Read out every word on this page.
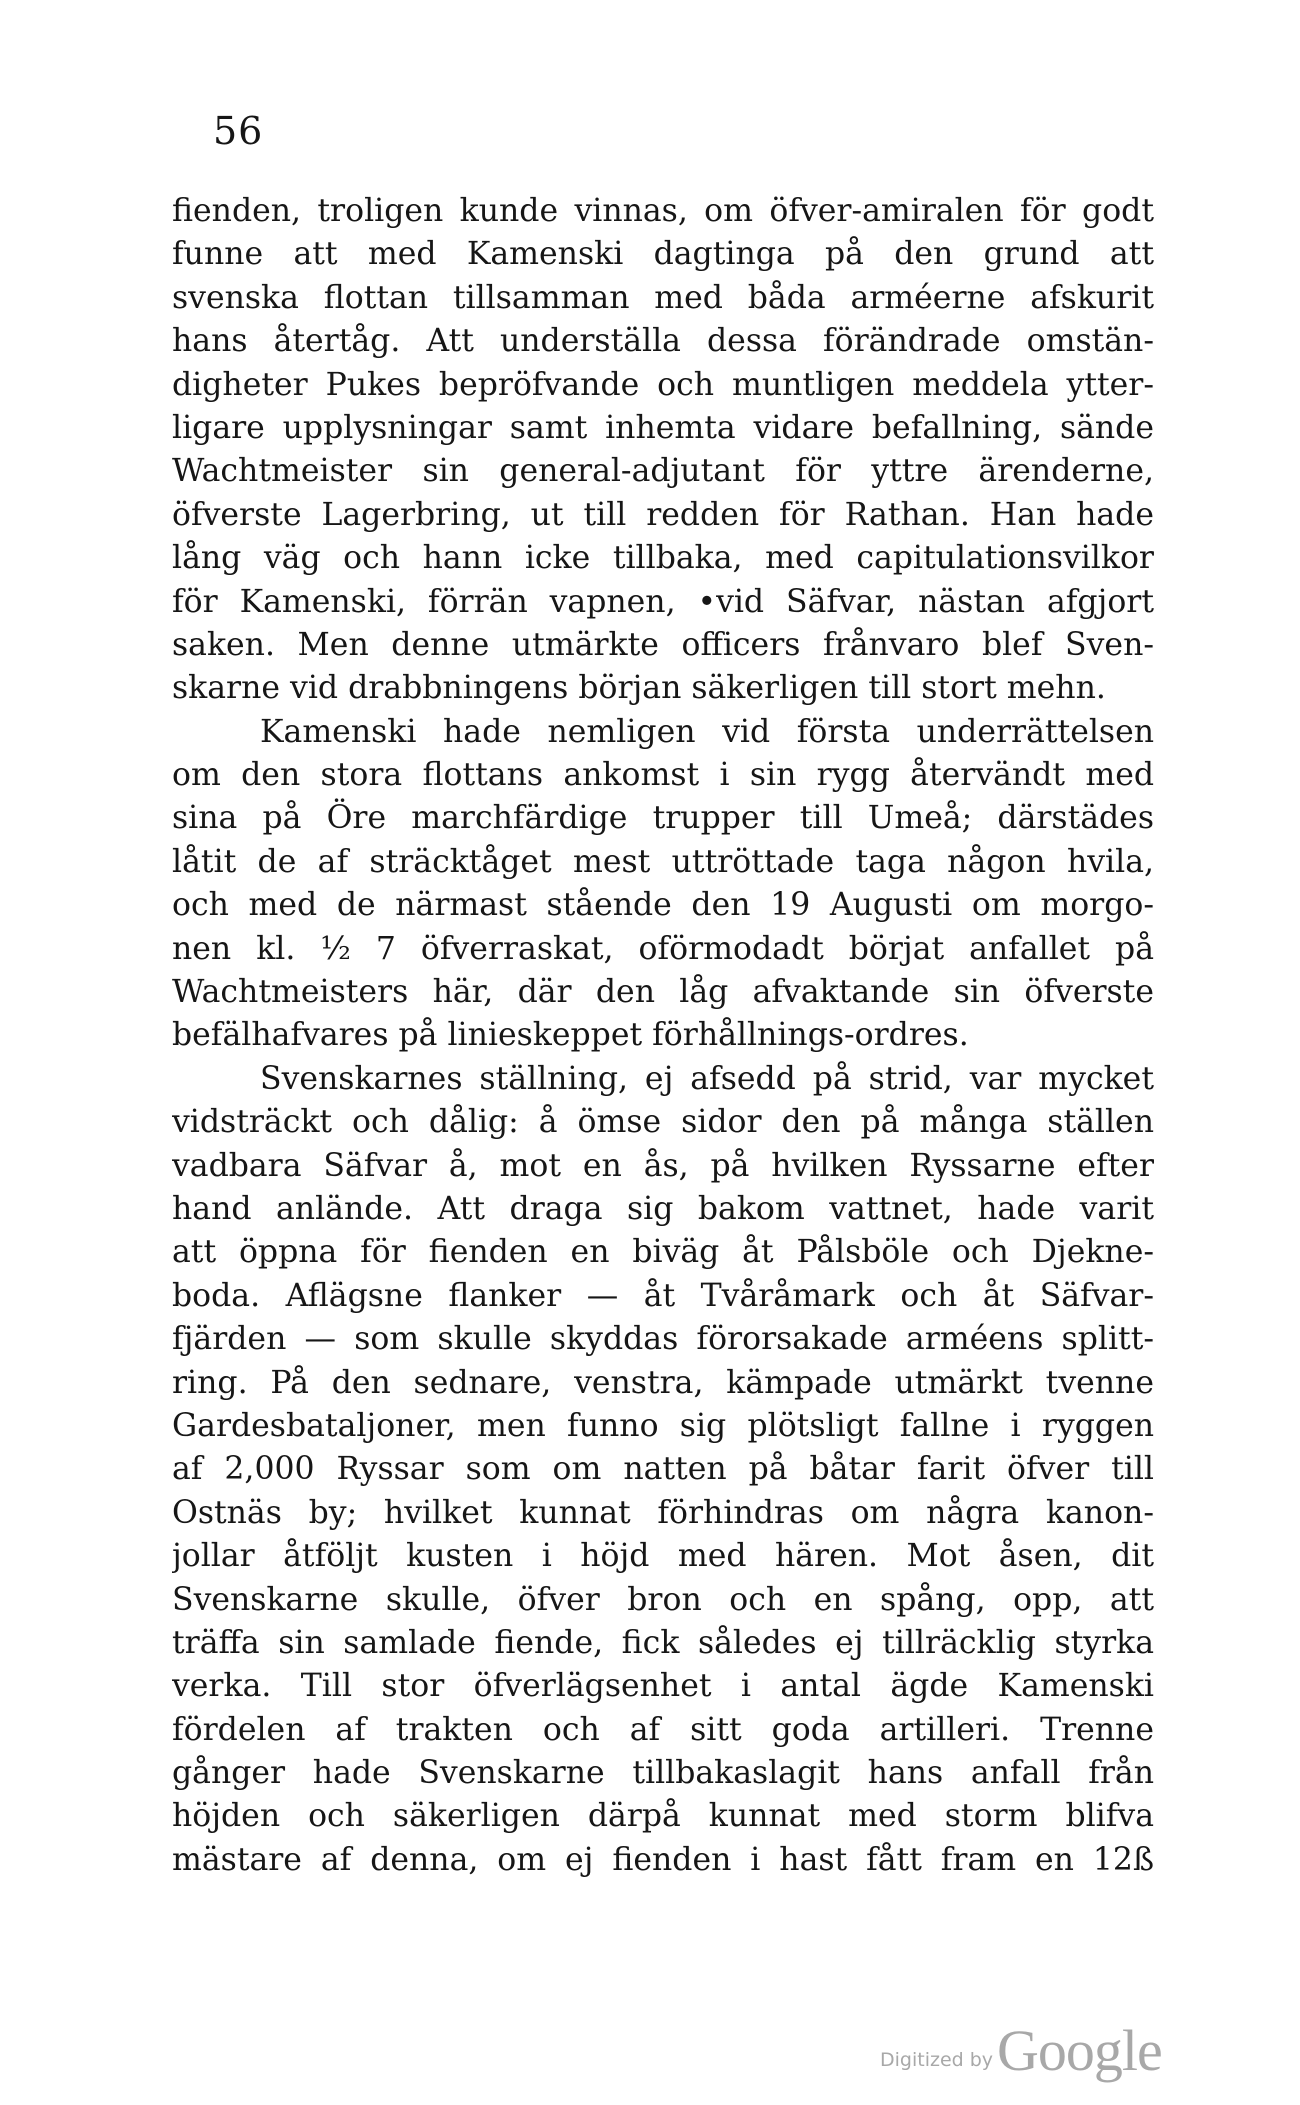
56
fienden, troligen kunde vinnas, om öfver-amiralen för godt
funne att med Kamenski dagtinga på den grund att
svenska flottan tillsamman med båda arméerne afskurit
hans återtåg. Att underställa dessa förändrade omstän-
digheter Pukes bepröfvande och muntligen meddela ytter-
ligare upplysningar samt inhemta vidare befallning, sände
Wachtmeister sin general-adjutant för yttre ärenderne,
öfverste Lagerbring, ut till redden för Rathan. Han hade
lång väg och hann icke tillbaka, med capitulationsvilkor
för Kamenski, förrän vapnen, •vid Säfvar, nästan afgjort
saken. Men denne utmärkte officers frånvaro blef Sven-
skarne vid drabbningens början säkerligen till stort mehn.
Kamenski hade nemligen vid första underrättelsen
om den stora flottans ankomst i sin rygg återvändt med
sina på Öre marchfärdige trupper till Umeå; därstädes
låtit de af sträcktåget mest uttröttade taga någon hvila,
och med de närmast stående den 19 Augusti om morgo-
nen kl. ½ 7 öfverraskat, oförmodadt börjat anfallet på
Wachtmeisters här, där den låg afvaktande sin öfverste
befälhafvares på linieskeppet förhållnings-ordres.
Svenskarnes ställning, ej afsedd på strid, var mycket
vidsträckt och dålig: å ömse sidor den på många ställen
vadbara Säfvar å, mot en ås, på hvilken Ryssarne efter
hand anlände. Att draga sig bakom vattnet, hade varit
att öppna för fienden en biväg åt Pålsböle och Djekne-
boda. Aflägsne flanker — åt Tvåråmark och åt Säfvar-
fjärden — som skulle skyddas förorsakade arméens splitt-
ring. På den sednare, venstra, kämpade utmärkt tvenne
Gardesbataljoner, men funno sig plötsligt fallne i ryggen
af 2,000 Ryssar som om natten på båtar farit öfver till
Ostnäs by; hvilket kunnat förhindras om några kanon-
jollar åtföljt kusten i höjd med hären. Mot åsen, dit
Svenskarne skulle, öfver bron och en spång, opp, att
träffa sin samlade fiende, fick således ej tillräcklig styrka
verka. Till stor öfverlägsenhet i antal ägde Kamenski
fördelen af trakten och af sitt goda artilleri. Trenne
gånger hade Svenskarne tillbakaslagit hans anfall från
höjden och säkerligen därpå kunnat med storm blifva
mästare af denna, om ej fienden i hast fått fram en 12ß
Digitized byGoogle
